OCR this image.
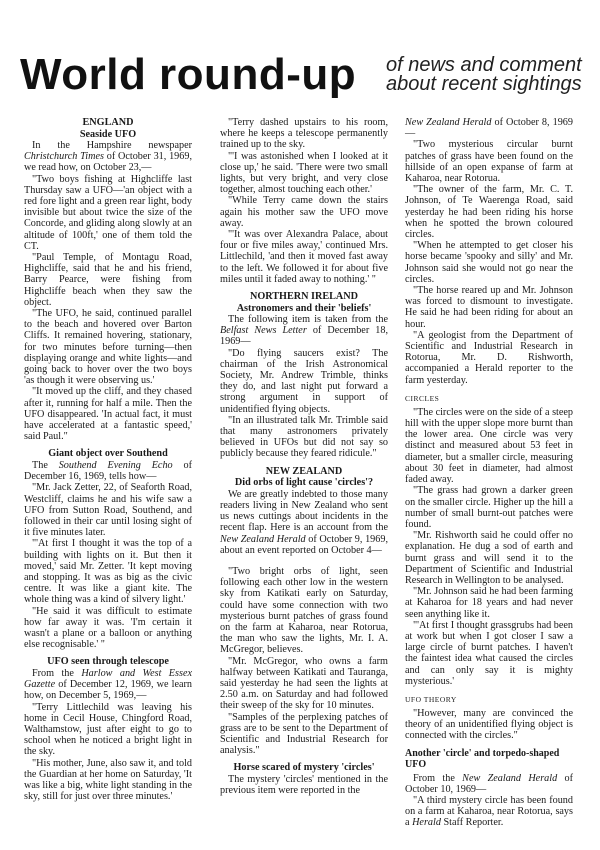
World round-up of news and comment
about recent sightings
ENGLAND
Seaside UFO

In the Hampshire newspaper Christchurch Times of October 31, 1969, we read how, on October 23,—

"Two boys fishing at Highcliffe last Thursday saw a UFO—'an object with a red fore light and a green rear light, body invisible but about twice the size of the Concorde, and gliding along slowly at an altitude of 100ft,' one of them told the CT.

"Paul Temple, of Montagu Road, Highcliffe, said that he and his friend, Barry Pearce, were fishing from Highcliffe beach when they saw the object.

"The UFO, he said, continued parallel to the beach and hovered over Barton Cliffs. It remained hovering, stationary, for two minutes before turning—then displaying orange and white lights—and going back to hover over the two boys 'as though it were observing us.'

"It moved up the cliff, and they chased after it, running for half a mile. Then the UFO disappeared. 'In actual fact, it must have accelerated at a fantastic speed,' said Paul."

Giant object over Southend

The Southend Evening Echo of December 16, 1969, tells how—

"Mr. Jack Zetter, 22, of Seaforth Road, Westcliff, claims he and his wife saw a UFO from Sutton Road, Southend, and followed in their car until losing sight of it five minutes later.

"'At first I thought it was the top of a building with lights on it. But then it moved,' said Mr. Zetter. 'It kept moving and stopping. It was as big as the civic centre. It was like a giant kite. The whole thing was a kind of silvery light.'

"He said it was difficult to estimate how far away it was. 'I'm certain it wasn't a plane or a balloon or anything else recognisable.' "

UFO seen through telescope

From the Harlow and West Essex Gazette of December 12, 1969, we learn how, on December 5, 1969,—

"Terry Littlechild was leaving his home in Cecil House, Chingford Road, Walthamstow, just after eight to go to school when he noticed a bright light in the sky.

"His mother, June, also saw it, and told the Guardian at her home on Saturday, 'It was like a big, white light standing in the sky, still for just over three minutes.'

"Terry dashed upstairs to his room, where he keeps a telescope permanently trained up to the sky.

"'I was astonished when I looked at it close up,' he said. 'There were two small lights, but very bright, and very close together, almost touching each other.'

"While Terry came down the stairs again his mother saw the UFO move away.

"'It was over Alexandra Palace, about four or five miles away,' continued Mrs. Littlechild, 'and then it moved fast away to the left. We followed it for about five miles until it faded away to nothing.' "

NORTHERN IRELAND
Astronomers and their 'beliefs'

The following item is taken from the Belfast News Letter of December 18, 1969—

"Do flying saucers exist? The chairman of the Irish Astronomical Society, Mr. Andrew Trimble, thinks they do, and last night put forward a strong argument in support of unidentified flying objects.

"In an illustrated talk Mr. Trimble said that many astronomers privately believed in UFOs but did not say so publicly because they feared ridicule."

NEW ZEALAND
Did orbs of light cause 'circles'?

We are greatly indebted to those many readers living in New Zealand who sent us news cuttings about incidents in the recent flap. Here is an account from the New Zealand Herald of October 9, 1969, about an event reported on October 4—

"Two bright orbs of light, seen following each other low in the western sky from Katikati early on Saturday, could have some connection with two mysterious burnt patches of grass found on the farm at Kaharoa, near Rotorua, the man who saw the lights, Mr. I. A. McGregor, believes.

"Mr. McGregor, who owns a farm halfway between Katikati and Tauranga, said yesterday he had seen the lights at 2.50 a.m. on Saturday and had followed their sweep of the sky for 10 minutes.

"Samples of the perplexing patches of grass are to be sent to the Department of Scientific and Industrial Research for analysis."

Horse scared of mystery 'circles'

The mystery 'circles' mentioned in the previous item were reported in the

New Zealand Herald of October 8, 1969—

"Two mysterious circular burnt patches of grass have been found on the hillside of an open expanse of farm at Kaharoa, near Rotorua.

"The owner of the farm, Mr. C. T. Johnson, of Te Waerenga Road, said yesterday he had been riding his horse when he spotted the brown coloured circles.

"When he attempted to get closer his horse became 'spooky and silly' and Mr. Johnson said she would not go near the circles.

"The horse reared up and Mr. Johnson was forced to dismount to investigate. He said he had been riding for about an hour.

"A geologist from the Department of Scientific and Industrial Research in Rotorua, Mr. D. Rishworth, accompanied a Herald reporter to the farm yesterday.

CIRCLES

"The circles were on the side of a steep hill with the upper slope more burnt than the lower area. One circle was very distinct and measured about 53 feet in diameter, but a smaller circle, measuring about 30 feet in diameter, had almost faded away.

"The grass had grown a darker green on the smaller circle. Higher up the hill a number of small burnt-out patches were found.

"Mr. Rishworth said he could offer no explanation. He dug a sod of earth and burnt grass and will send it to the Department of Scientific and Industrial Research in Wellington to be analysed.

"Mr. Johnson said he had been farming at Kaharoa for 18 years and had never seen anything like it.

"'At first I thought grassgrubs had been at work but when I got closer I saw a large circle of burnt patches. I haven't the faintest idea what caused the circles and can only say it is mighty mysterious.'

UFO THEORY

"However, many are convinced the theory of an unidentified flying object is connected with the circles."

Another 'circle' and torpedo-shaped UFO

From the New Zealand Herald of October 10, 1969—

"A third mystery circle has been found on a farm at Kaharoa, near Rotorua, says a Herald Staff Reporter.
